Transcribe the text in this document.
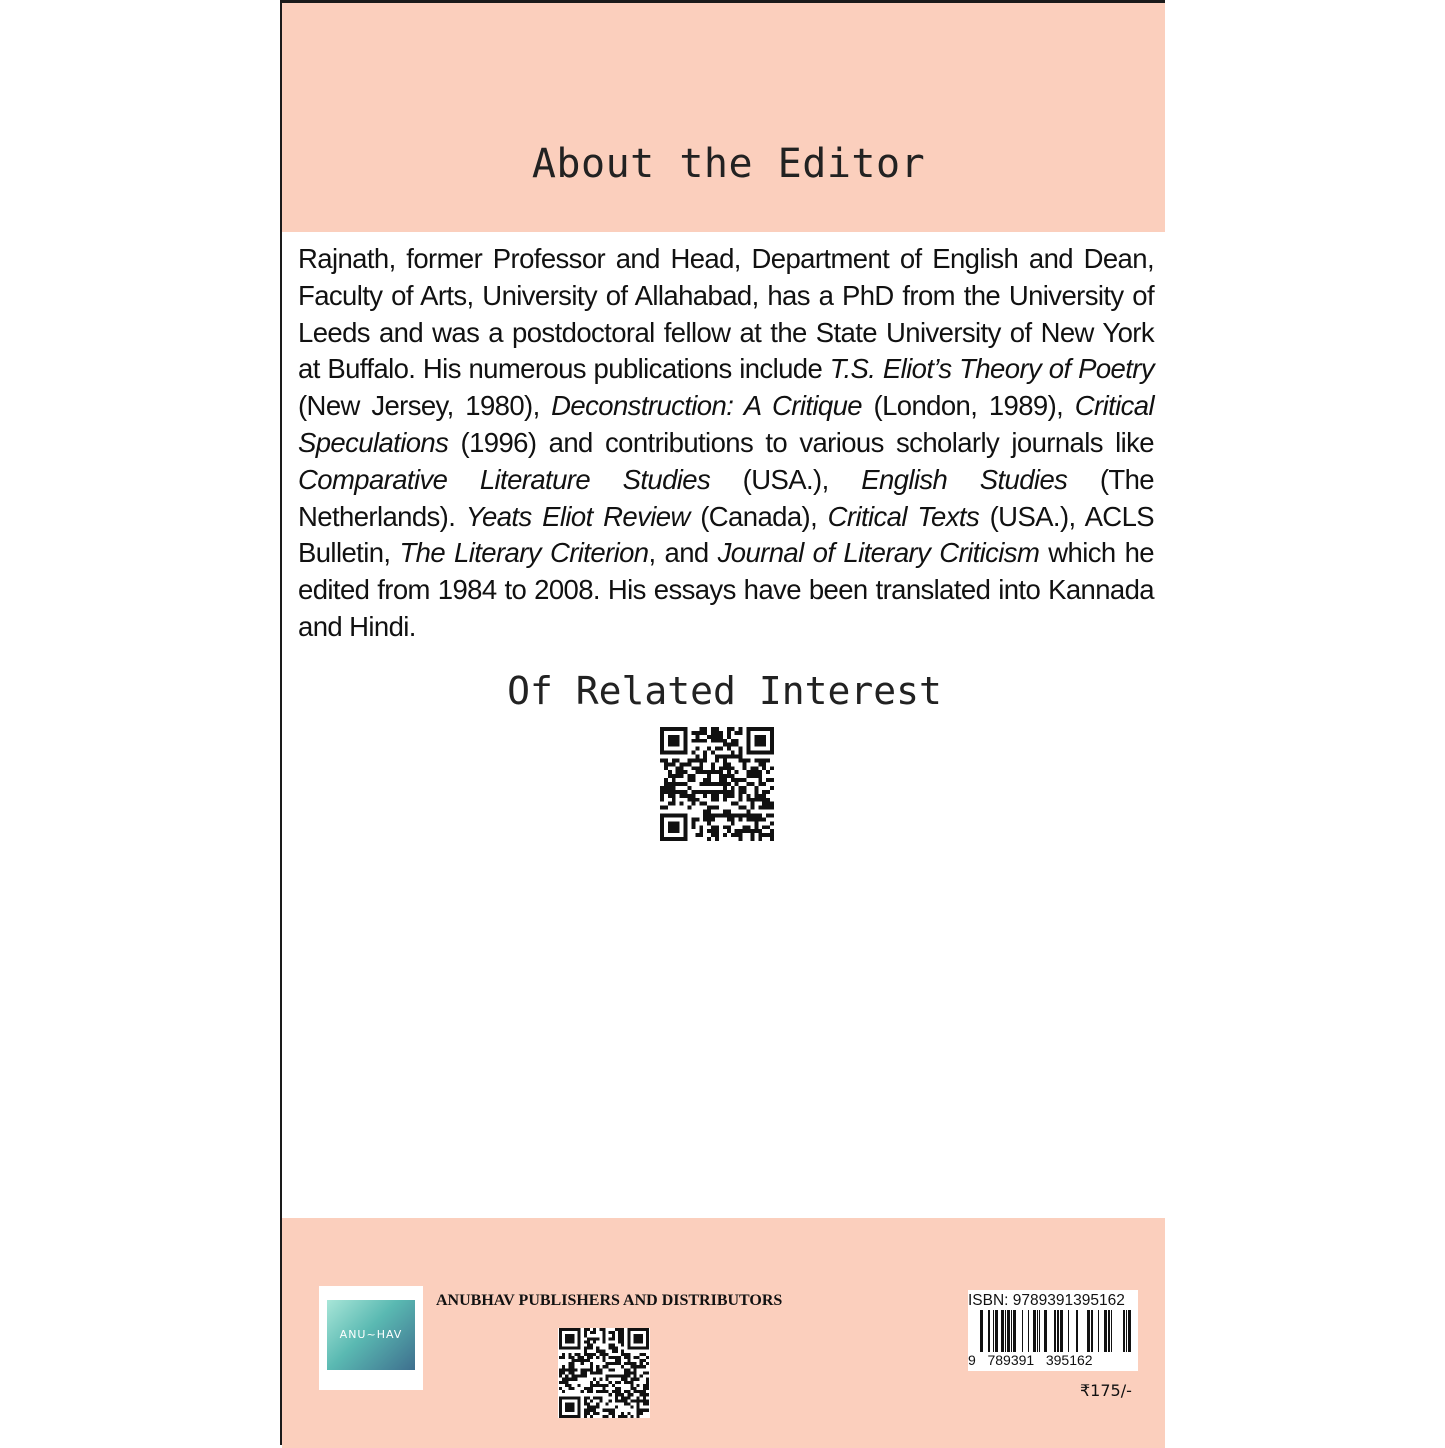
About the Editor

Rajnath, former Professor and Head, Department of English and Dean, Faculty of Arts, University of Allahabad, has a PhD from the University of Leeds and was a postdoctoral fellow at the State University of New York at Buffalo. His numerous publications include T.S. Eliot’s Theory of Poetry (New Jersey, 1980), Deconstruction: A Critique (London, 1989), Critical Speculations (1996) and contributions to various scholarly journals like Comparative Literature Studies (USA.), English Studies (The Netherlands). Yeats Eliot Review (Canada), Critical Texts (USA.), ACLS Bulletin, The Literary Criterion, and Journal of Literary Criticism which he edited from 1984 to 2008. His essays have been translated into Kannada and Hindi.

Of Related Interest
ANU~HAV
ANUBHAV PUBLISHERS AND DISTRIBUTORS	ISBN: 9789391395162
9   789391   395162
₹175/-
